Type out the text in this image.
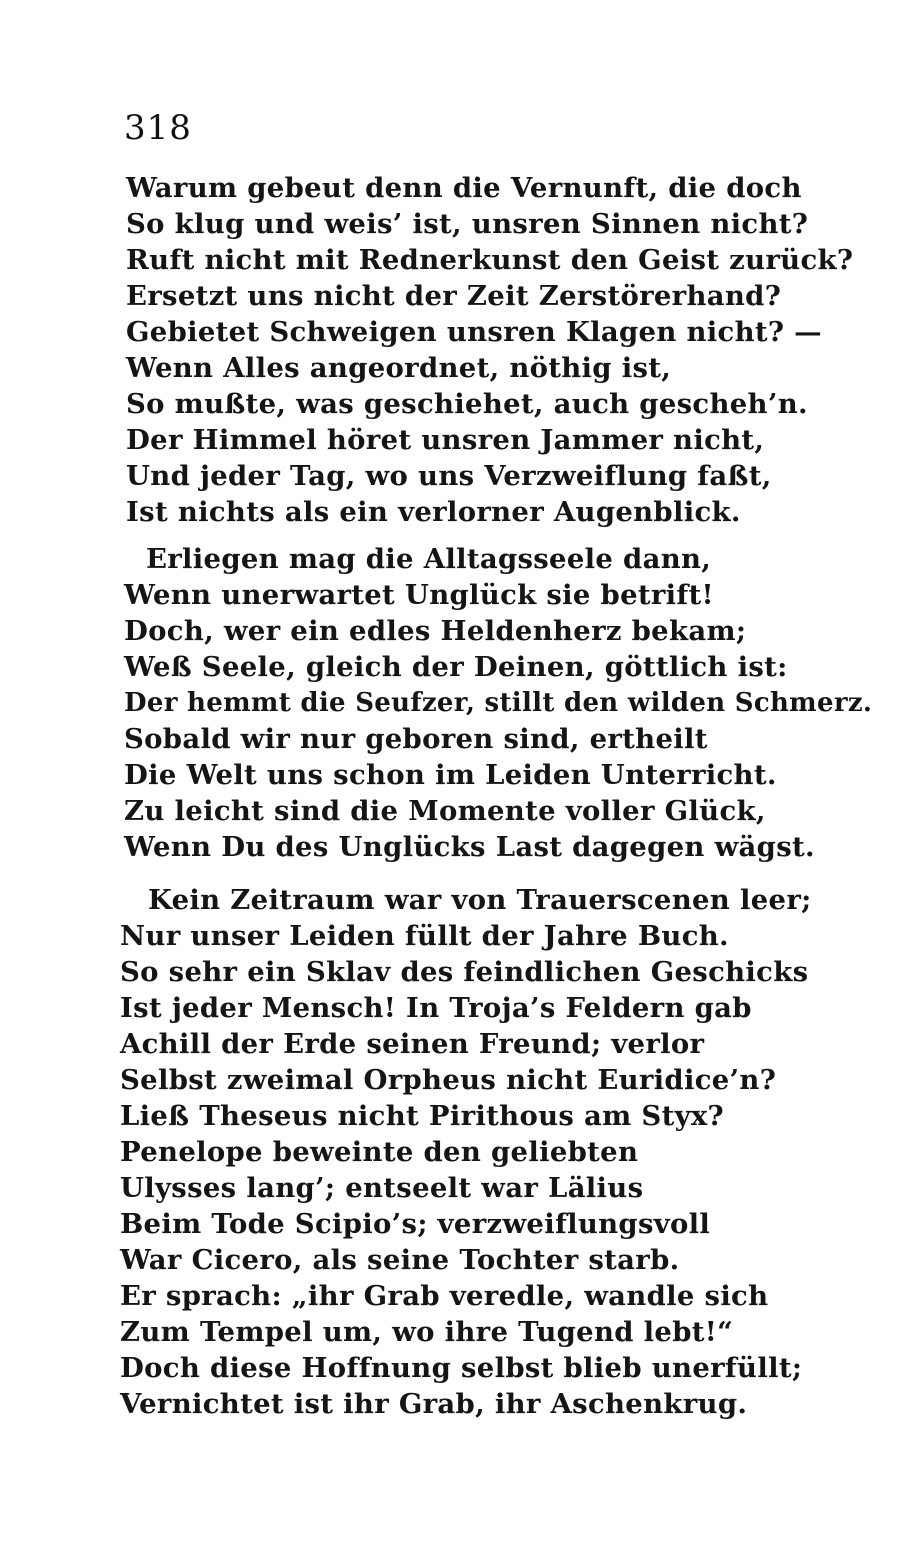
318
Warum gebeut denn die Vernunft, die doch
So klug und weis’ ist, unsren Sinnen nicht?
Ruft nicht mit Rednerkunst den Geist zurück?
Ersetzt uns nicht der Zeit Zerstörerhand?
Gebietet Schweigen unsren Klagen nicht? —
Wenn Alles angeordnet, nöthig ist,
So mußte, was geschiehet, auch gescheh’n.
Der Himmel höret unsren Jammer nicht,
Und jeder Tag, wo uns Verzweiflung faßt,
Ist nichts als ein verlorner Augenblick.
Erliegen mag die Alltagsseele dann,
Wenn unerwartet Unglück sie betrift!
Doch, wer ein edles Heldenherz bekam;
Weß Seele, gleich der Deinen, göttlich ist:
Der hemmt die Seufzer, stillt den wilden Schmerz.
Sobald wir nur geboren sind, ertheilt
Die Welt uns schon im Leiden Unterricht.
Zu leicht sind die Momente voller Glück,
Wenn Du des Unglücks Last dagegen wägst.
Kein Zeitraum war von Trauerscenen leer;
Nur unser Leiden füllt der Jahre Buch.
So sehr ein Sklav des feindlichen Geschicks
Ist jeder Mensch! In Troja’s Feldern gab
Achill der Erde seinen Freund; verlor
Selbst zweimal Orpheus nicht Euridice’n?
Ließ Theseus nicht Pirithous am Styx?
Penelope beweinte den geliebten
Ulysses lang’; entseelt war Lälius
Beim Tode Scipio’s; verzweiflungsvoll
War Cicero, als seine Tochter starb.
Er sprach: „ihr Grab veredle, wandle sich
Zum Tempel um, wo ihre Tugend lebt!“
Doch diese Hoffnung selbst blieb unerfüllt;
Vernichtet ist ihr Grab, ihr Aschenkrug.
